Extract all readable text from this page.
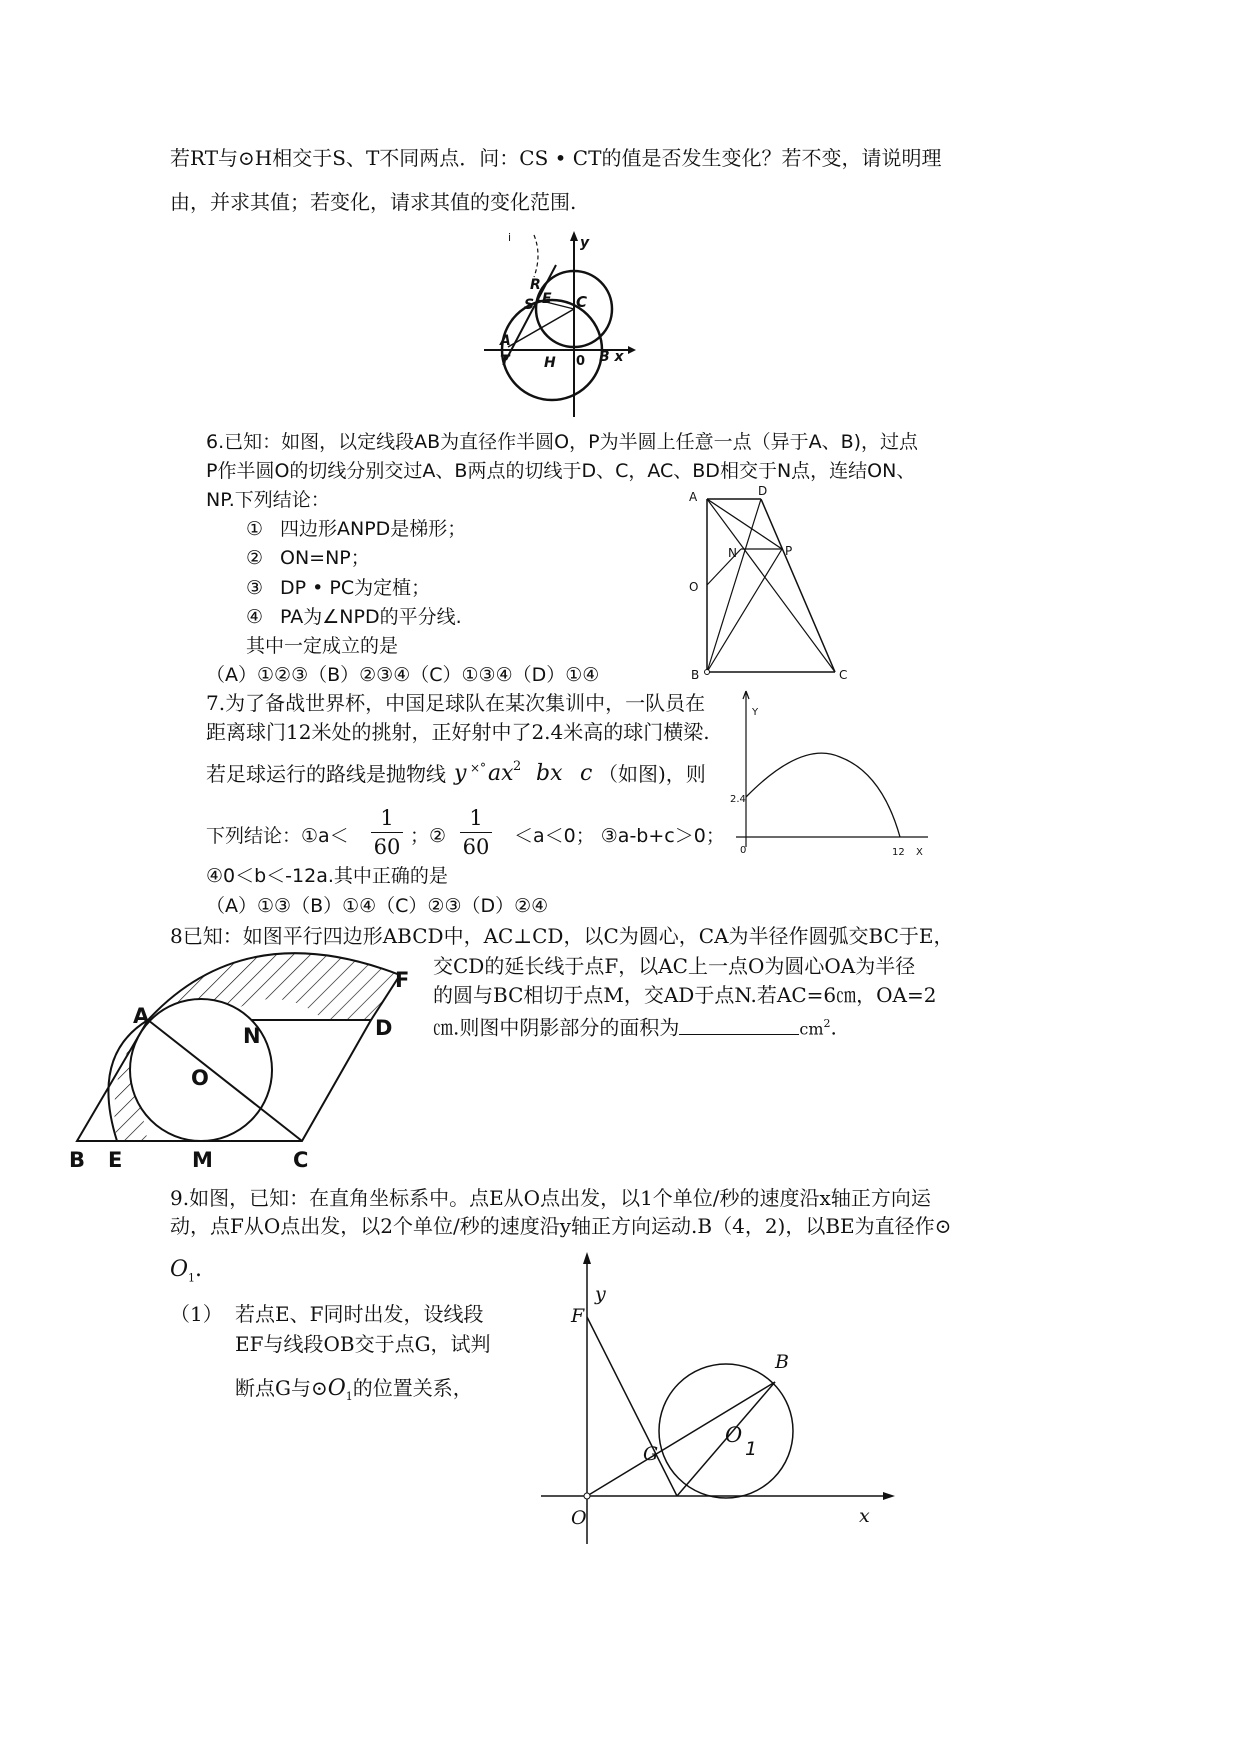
若RT与⊙H相交于S、T不同两点．问：CS • CT的值是否发生变化？若不变，请说明理
由，并求其值；若变化，请求其值的变化范围.
i	y
R
E
S	C
A
T H 0 B x
6.已知：如图，以定线段AB为直径作半圆O，P为半圆上任意一点（异于A、B)，过点
P作半圆O的切线分别交过A、B两点的切线于D、C，AC、BD相交于N点，连结ON、
NP.下列结论：
① 四边形ANPD是梯形；
② ON=NP；
③ DP • PC为定植；
④ PA为∠NPD的平分线.
其中一定成立的是
（A）①②③（B）②③④（C）①③④（D）①④
A	D
N	P
O
B	C
7.为了备战世界杯，中国足球队在某次集训中，一队员在
距离球门12米处的挑射，正好射中了2.4米高的球门横梁.
若足球运行的路线是抛物线 y ×° ax 2 bx c （如图)，则
下列结论：①a＜
1
60 ；②
1
60	＜a＜0； ③a-b+c＞0；
④0＜b＜-12a.其中正确的是
（A）①③（B）①④（C）②③（D）②④
Y
2.4
0	12 X
8已知：如图平行四边形ABCD中，AC⊥CD，以C为圆心，CA为半径作圆弧交BC于E，
交CD的延长线于点F，以AC上一点O为圆心OA为半径
的圆与BC相切于点M，交AD于点N.若AC=6㎝，OA=2
㎝.则图中阴影部分的面积为	$cm^2$.
A
N	D
F
O
B E	M	C
9.如图，已知：在直角坐标系中。点E从O点出发，以1个单位/秒的速度沿x轴正方向运
动，点F从O点出发，以2个单位/秒的速度沿y轴正方向运动.B（4，2)，以BE为直径作⊙
$O_1$.
（1） 若点E、F同时出发，设线段
EF与线段OB交于点G，试判
断点G与$⊙O_1$的位置关系，
y
F
B
G
O
1
O	x
